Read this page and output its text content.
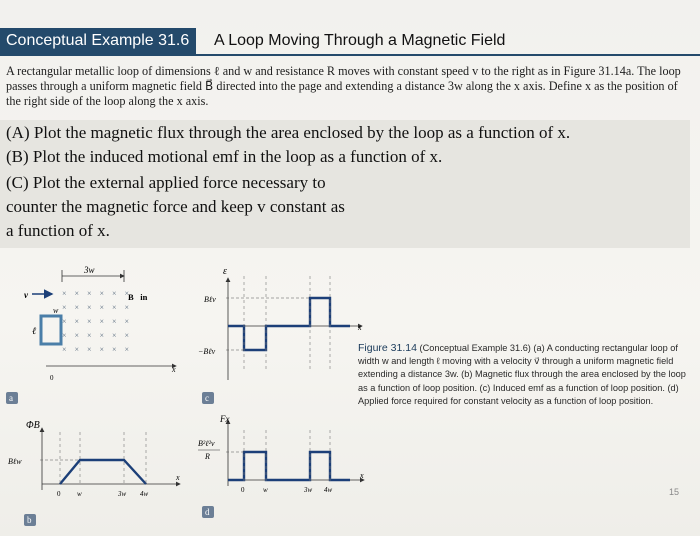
Conceptual Example 31.6	A Loop Moving Through a Magnetic Field
A rectangular metallic loop of dimensions ℓ and w and resistance R moves with constant speed v to the right as in Figure 31.14a. The loop passes through a uniform magnetic field B⃗ directed into the page and extending a distance 3w along the x axis. Define x as the position of the right side of the loop along the x axis.
(A) Plot the magnetic flux through the area enclosed by the loop as a function of x.
(B) Plot the induced motional emf in the loop as a function of x.
(C) Plot the external applied force necessary to
counter the magnetic force and keep v constant as
a function of x.
3w
× × × × × ×
× × × × × ×
× × × × × ×
× × × × × ×
× × × × × ×
B⃗in
v⃗
ℓ
w
x
0
a
ΦB
Bℓw
x
0 w	3w 4w
b
ε
Bℓv
−Bℓv
x
c
Fx
B²ℓ²v
R
x
0	w	3w 4w
d
Figure 31.14 (Conceptual Example 31.6) (a) A conducting rectangular loop of width w and length ℓ moving with a velocity v⃗ through a uniform magnetic field extending a distance 3w. (b) Magnetic flux through the area enclosed by the loop as a function of loop position. (c) Induced emf as a function of loop position. (d) Applied force required for constant velocity as a function of loop position.
15
